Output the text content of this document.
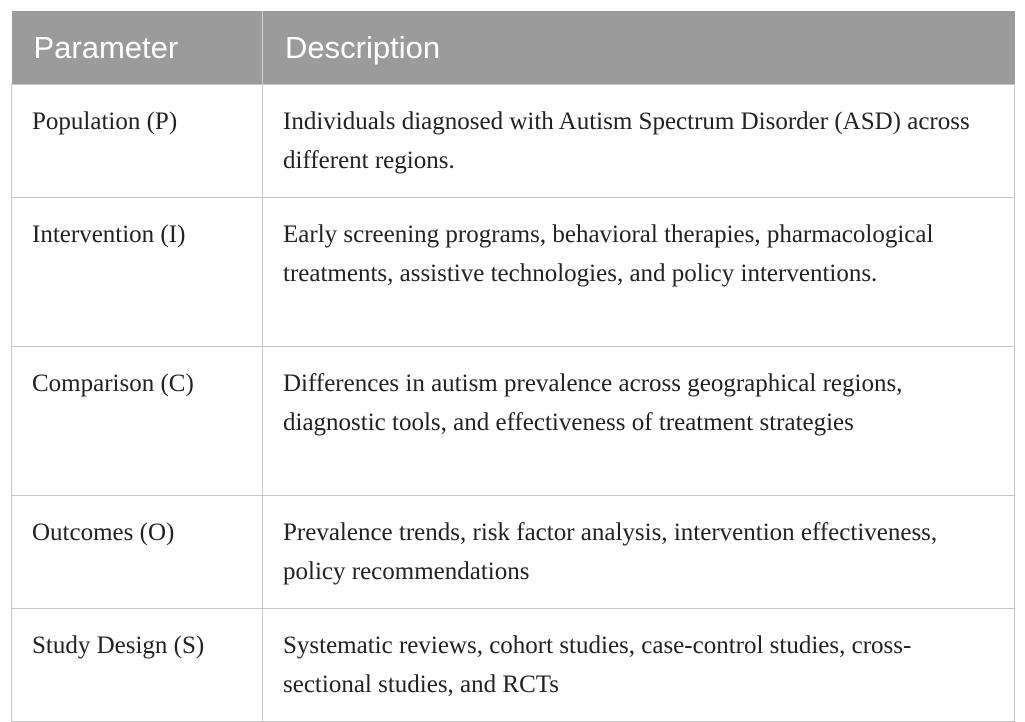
Parameter	Description
Population (P)	Individuals diagnosed with Autism Spectrum Disorder (ASD) across different regions.
Intervention (I)	Early screening programs, behavioral therapies, pharmacological treatments, assistive technologies, and policy interventions.
Comparison (C)	Differences in autism prevalence across geographical regions, diagnostic tools, and effectiveness of treatment strategies
Outcomes (O)	Prevalence trends, risk factor analysis, intervention effectiveness, policy recommendations
Study Design (S)	Systematic reviews, cohort studies, case-control studies, cross-sectional studies, and RCTs
